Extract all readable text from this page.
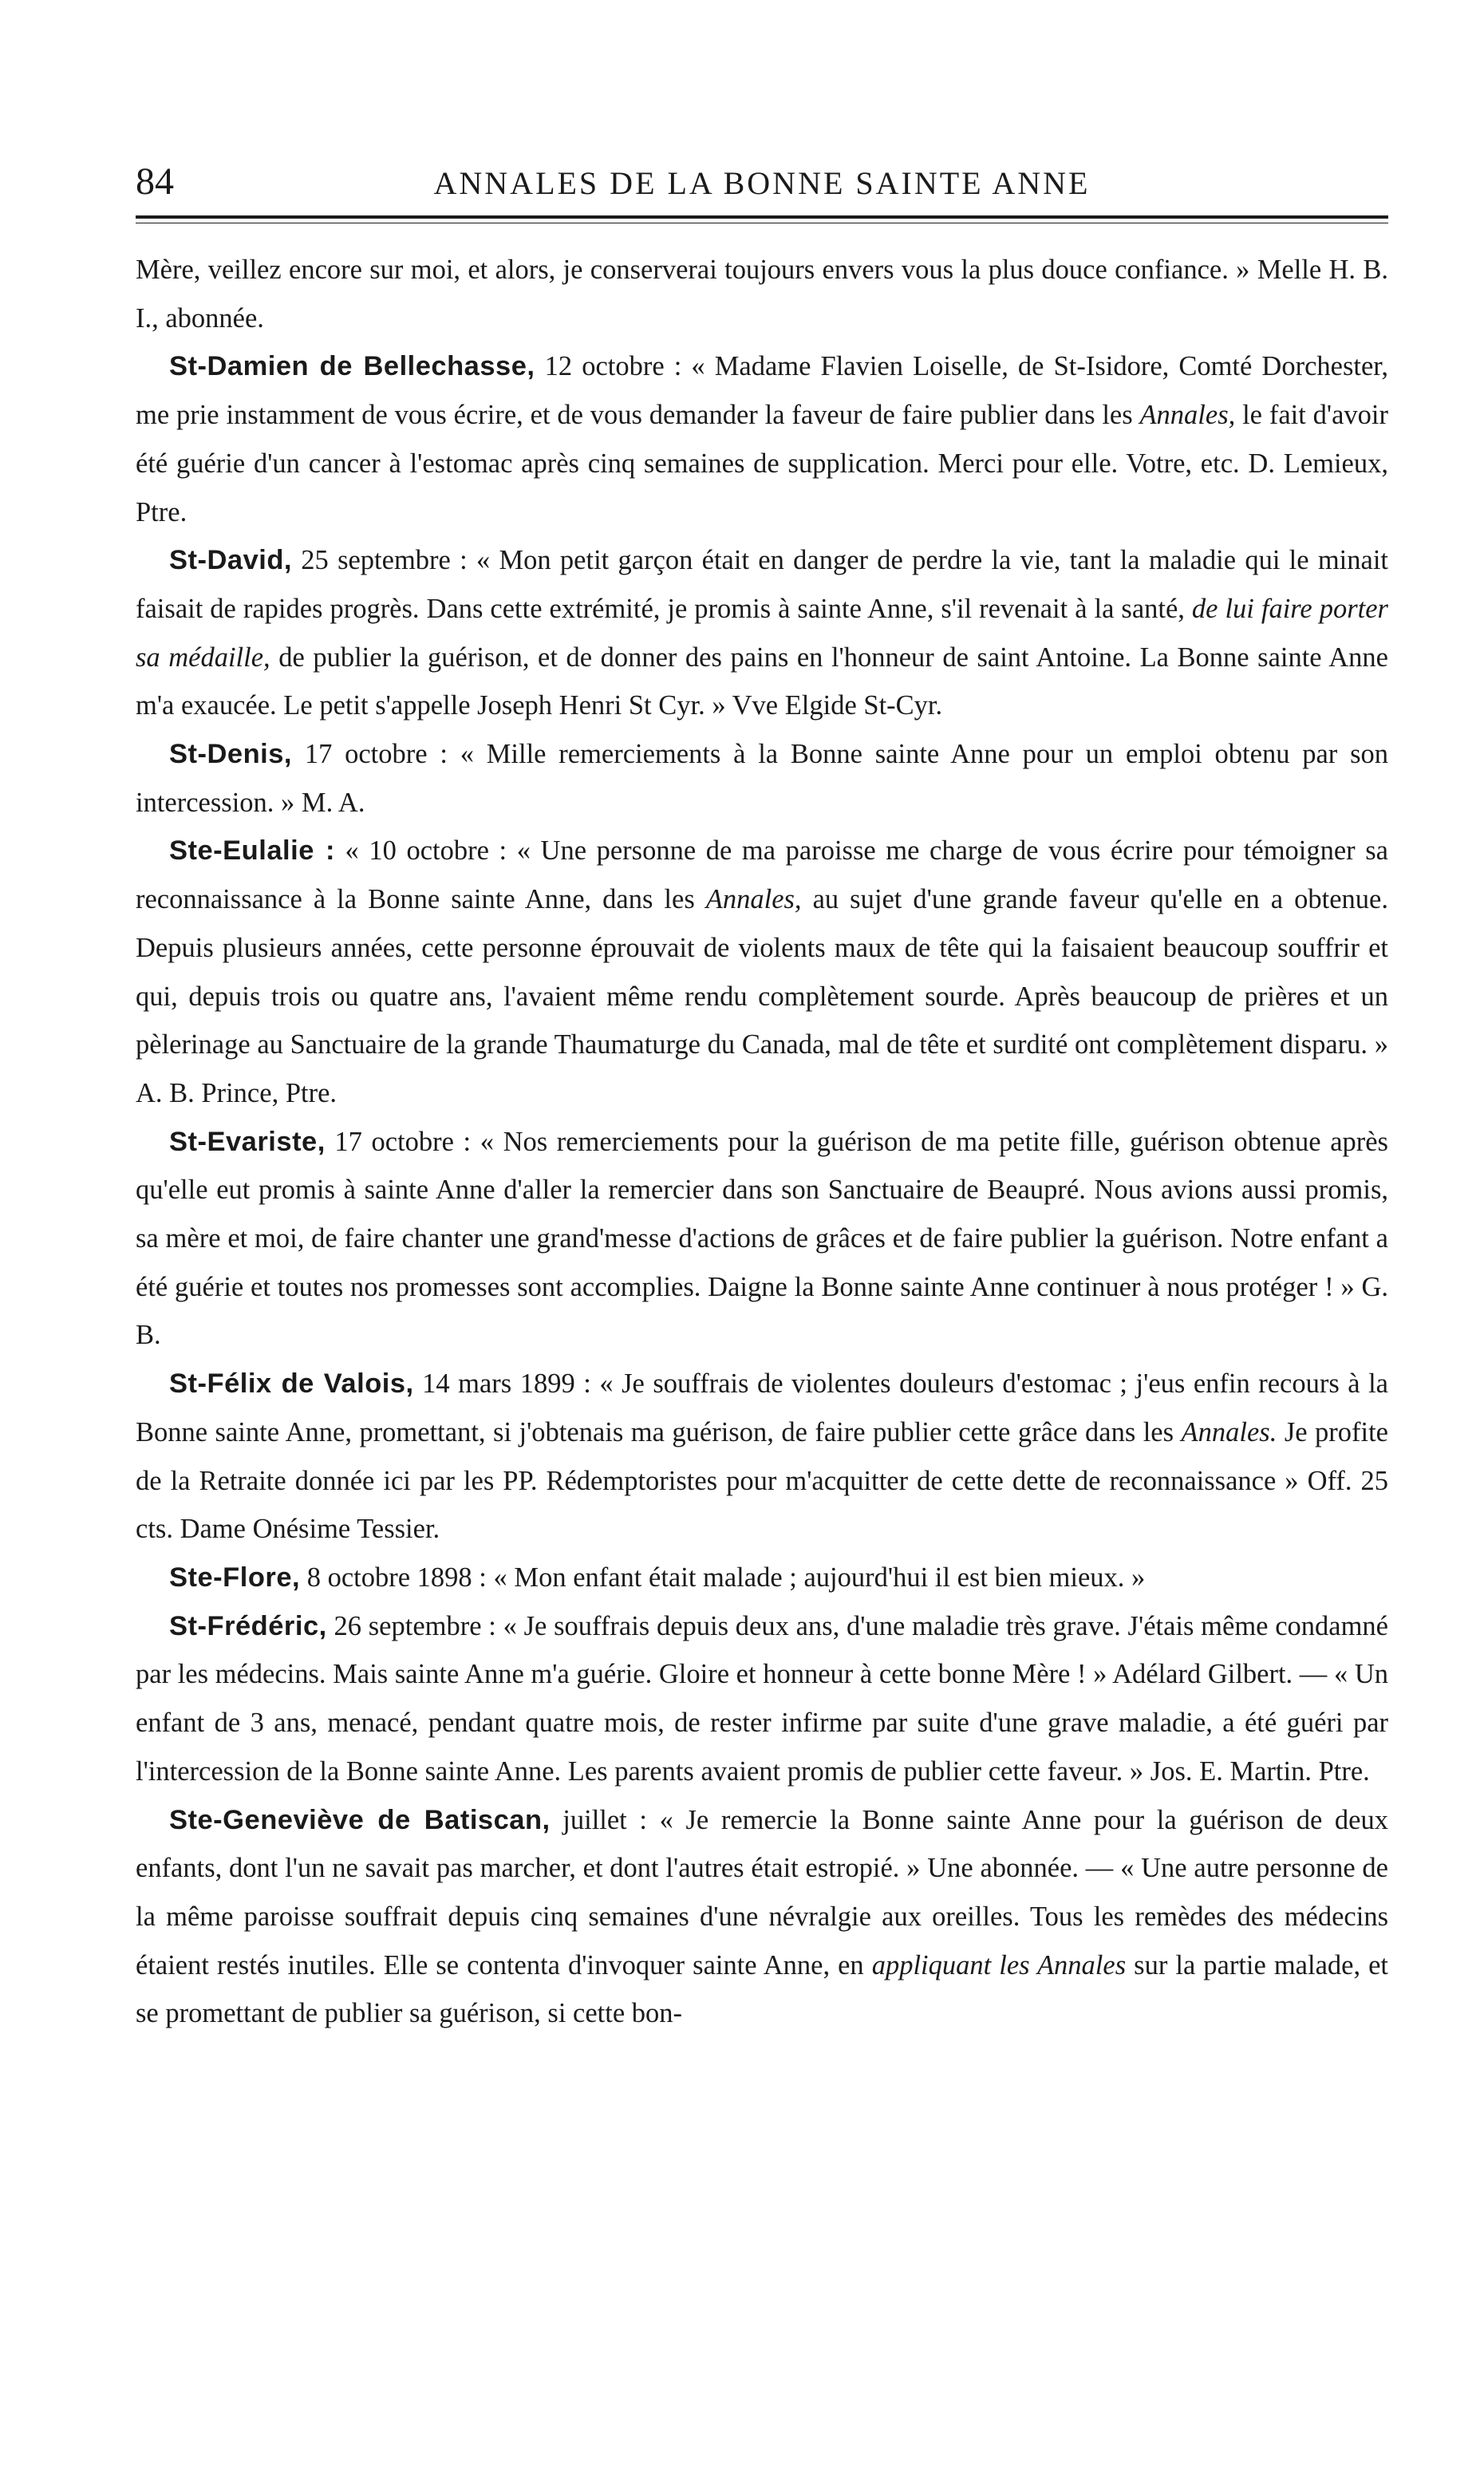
84	ANNALES DE LA BONNE SAINTE ANNE

Mère, veillez encore sur moi, et alors, je conserverai toujours envers vous la plus douce confiance. » Melle H. B. I., abonnée.

St-Damien de Bellechasse, 12 octobre : « Madame Flavien Loiselle, de St-Isidore, Comté Dorchester, me prie instamment de vous écrire, et de vous demander la faveur de faire publier dans les Annales, le fait d'avoir été guérie d'un cancer à l'estomac après cinq semaines de supplication. Merci pour elle. Votre, etc. D. Lemieux, Ptre.

St-David, 25 septembre : « Mon petit garçon était en danger de perdre la vie, tant la maladie qui le minait faisait de rapides progrès. Dans cette extrémité, je promis à sainte Anne, s'il revenait à la santé, de lui faire porter sa médaille, de publier la guérison, et de donner des pains en l'honneur de saint Antoine. La Bonne sainte Anne m'a exaucée. Le petit s'appelle Joseph Henri St Cyr. » Vve Elgide St-Cyr.

St-Denis, 17 octobre : « Mille remerciements à la Bonne sainte Anne pour un emploi obtenu par son intercession. » M. A.

Ste-Eulalie : « 10 octobre : « Une personne de ma paroisse me charge de vous écrire pour témoigner sa reconnaissance à la Bonne sainte Anne, dans les Annales, au sujet d'une grande faveur qu'elle en a obtenue. Depuis plusieurs années, cette personne éprouvait de violents maux de tête qui la faisaient beaucoup souffrir et qui, depuis trois ou quatre ans, l'avaient même rendu complètement sourde. Après beaucoup de prières et un pèlerinage au Sanctuaire de la grande Thaumaturge du Canada, mal de tête et surdité ont complètement disparu. » A. B. Prince, Ptre.

St-Evariste, 17 octobre : « Nos remerciements pour la guérison de ma petite fille, guérison obtenue après qu'elle eut promis à sainte Anne d'aller la remercier dans son Sanctuaire de Beaupré. Nous avions aussi promis, sa mère et moi, de faire chanter une grand'messe d'actions de grâces et de faire publier la guérison. Notre enfant a été guérie et toutes nos promesses sont accomplies. Daigne la Bonne sainte Anne continuer à nous protéger ! » G. B.

St-Félix de Valois, 14 mars 1899 : « Je souffrais de violentes douleurs d'estomac ; j'eus enfin recours à la Bonne sainte Anne, promettant, si j'obtenais ma guérison, de faire publier cette grâce dans les Annales. Je profite de la Retraite donnée ici par les PP. Rédemptoristes pour m'acquitter de cette dette de reconnaissance » Off. 25 cts. Dame Onésime Tessier.

Ste-Flore, 8 octobre 1898 : « Mon enfant était malade ; aujourd'hui il est bien mieux. »

St-Frédéric, 26 septembre : « Je souffrais depuis deux ans, d'une maladie très grave. J'étais même condamné par les médecins. Mais sainte Anne m'a guérie. Gloire et honneur à cette bonne Mère ! » Adélard Gilbert. — « Un enfant de 3 ans, menacé, pendant quatre mois, de rester infirme par suite d'une grave maladie, a été guéri par l'intercession de la Bonne sainte Anne. Les parents avaient promis de publier cette faveur. » Jos. E. Martin. Ptre.

Ste-Geneviève de Batiscan, juillet : « Je remercie la Bonne sainte Anne pour la guérison de deux enfants, dont l'un ne savait pas marcher, et dont l'autres était estropié. » Une abonnée. — « Une autre personne de la même paroisse souffrait depuis cinq semaines d'une névralgie aux oreilles. Tous les remèdes des médecins étaient restés inutiles. Elle se contenta d'invoquer sainte Anne, en appliquant les Annales sur la partie malade, et se promettant de publier sa guérison, si cette bon-
